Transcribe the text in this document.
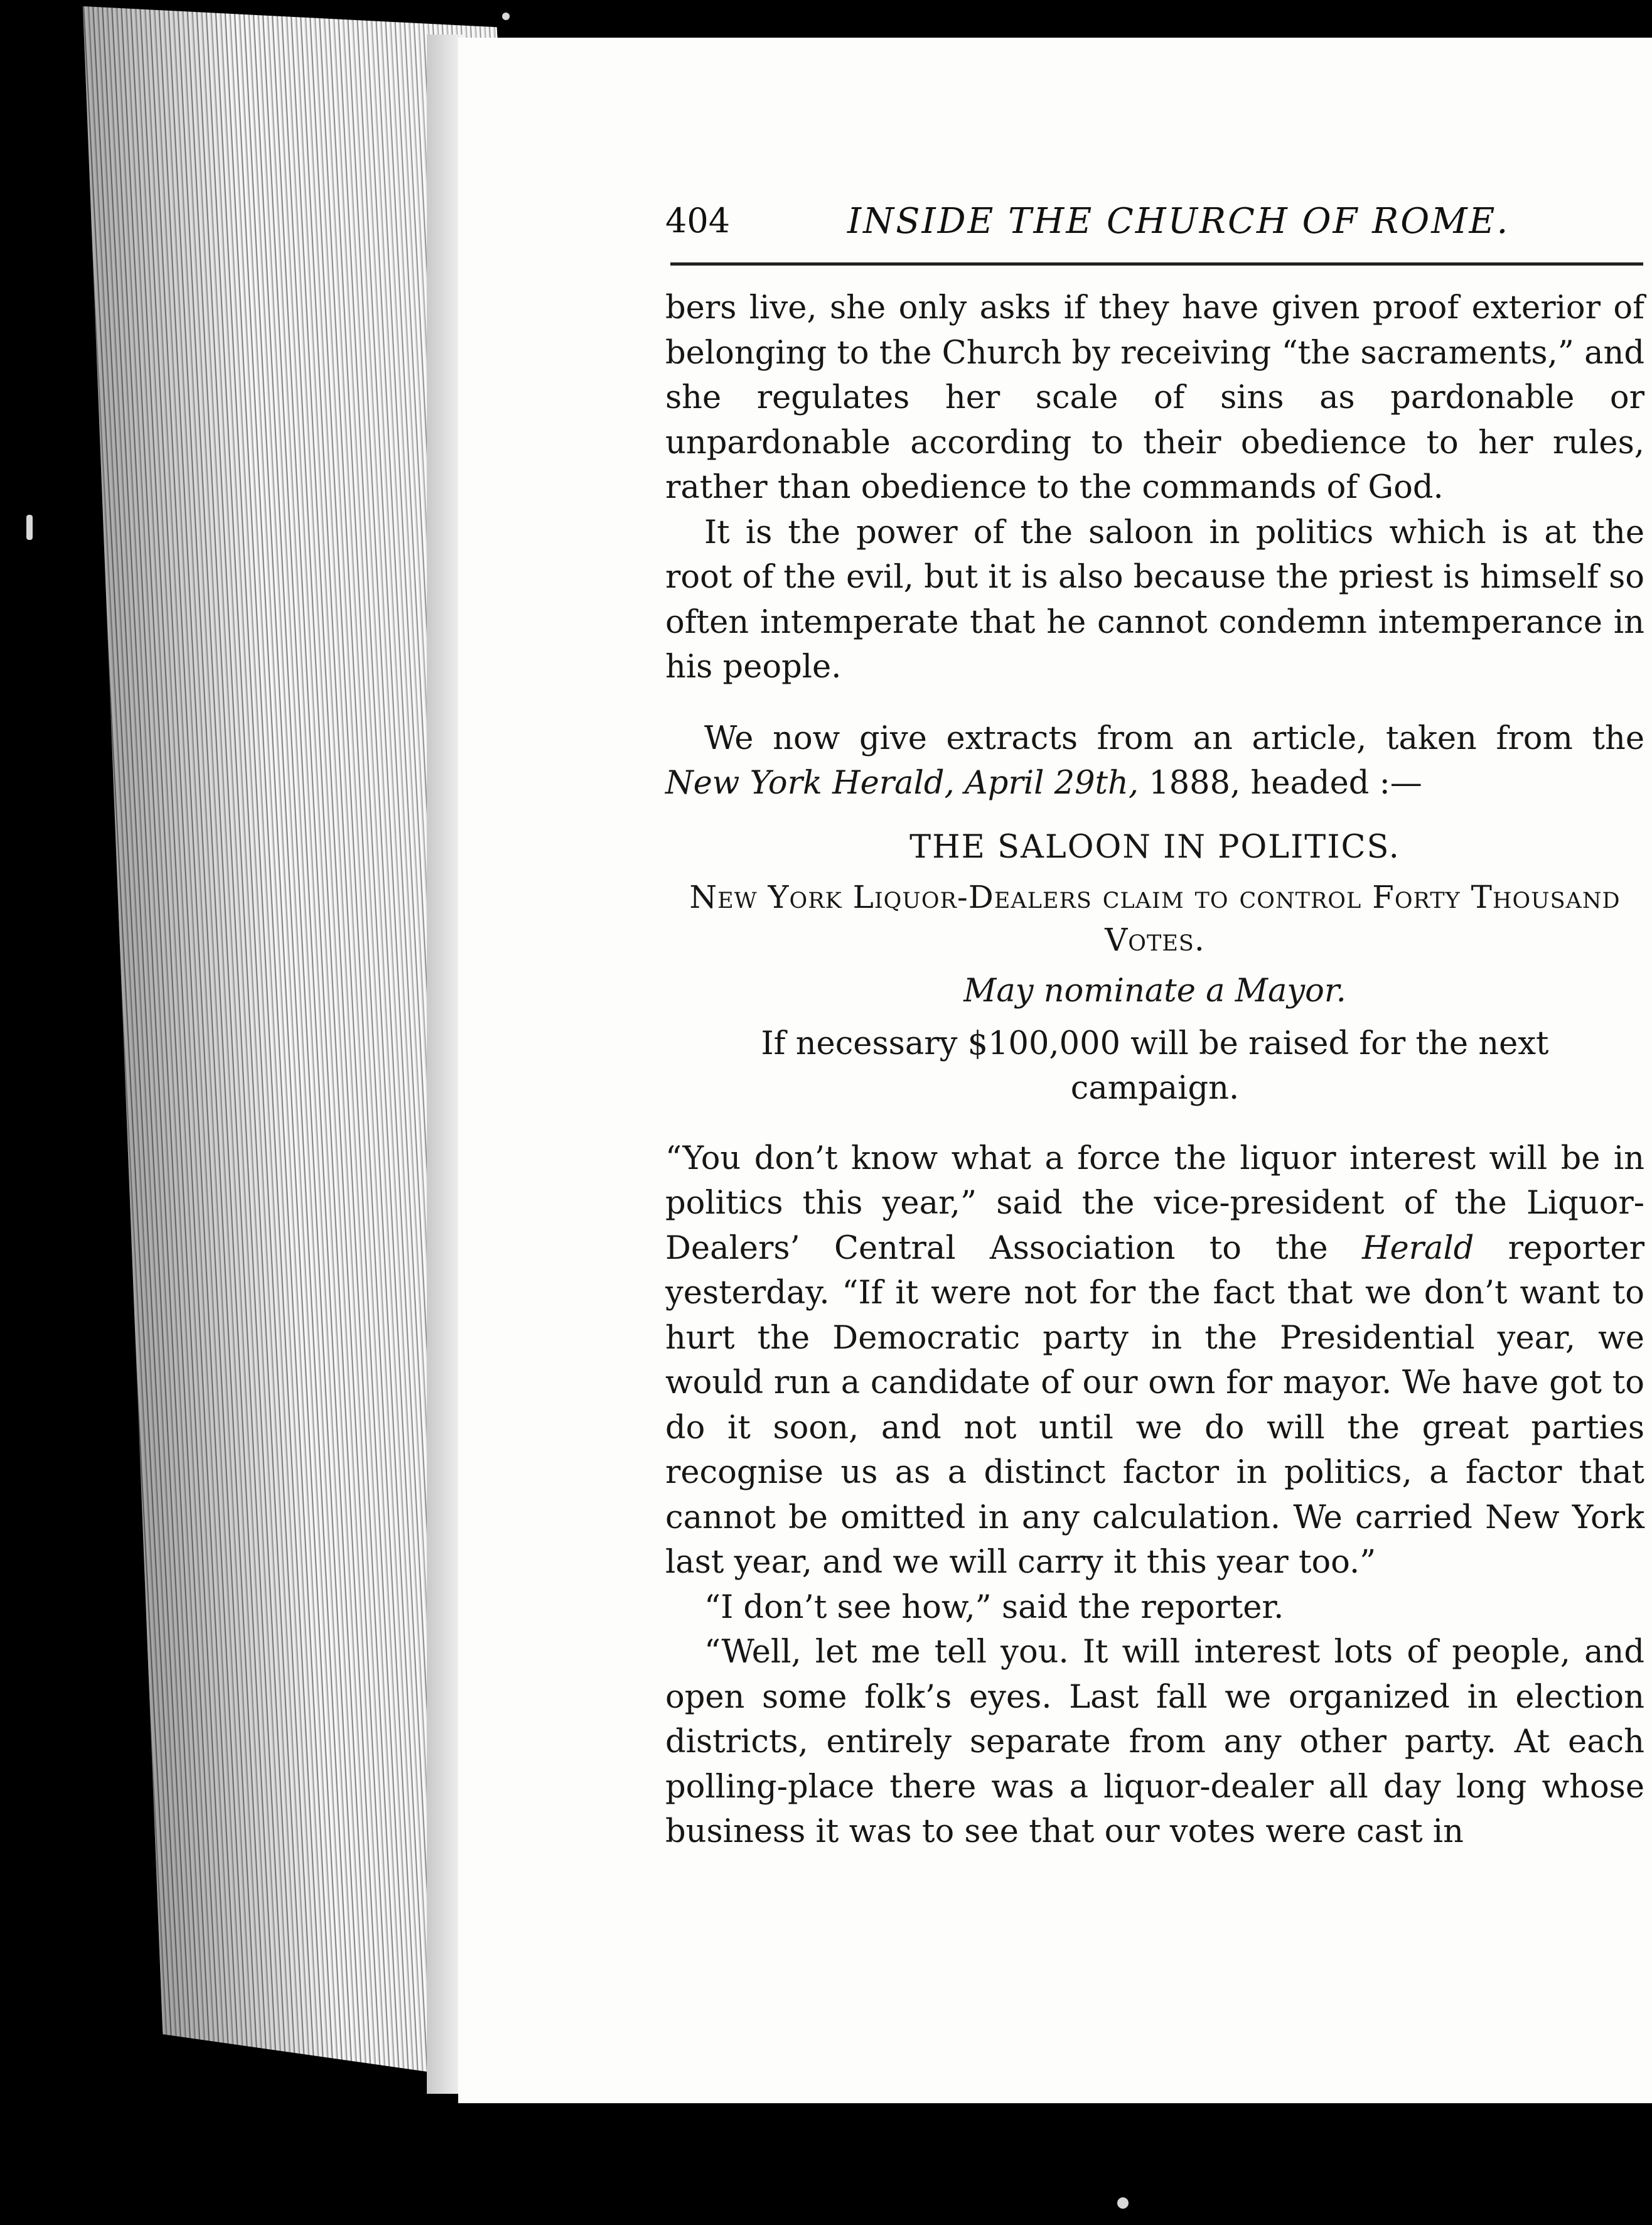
404	INSIDE THE CHURCH OF ROME.

bers live, she only asks if they have given proof exterior of belonging to the Church by receiving “the sacraments,” and she regulates her scale of sins as pardonable or unpardonable according to their obedience to her rules, rather than obedience to the commands of God.

It is the power of the saloon in politics which is at the root of the evil, but it is also because the priest is himself so often intemperate that he cannot condemn intemperance in his people.

We now give extracts from an article, taken from the New York Herald, April 29th, 1888, headed :—

THE SALOON IN POLITICS.

New York Liquor-Dealers claim to control Forty Thousand Votes.

May nominate a Mayor.

If necessary $100,000 will be raised for the next campaign.

“You don’t know what a force the liquor interest will be in politics this year,” said the vice-president of the Liquor-Dealers’ Central Association to the Herald reporter yesterday. “If it were not for the fact that we don’t want to hurt the Democratic party in the Presidential year, we would run a candidate of our own for mayor. We have got to do it soon, and not until we do will the great parties recognise us as a distinct factor in politics, a factor that cannot be omitted in any calculation. We carried New York last year, and we will carry it this year too.”

“I don’t see how,” said the reporter.

“Well, let me tell you. It will interest lots of people, and open some folk’s eyes. Last fall we organized in election districts, entirely separate from any other party. At each polling-place there was a liquor-dealer all day long whose business it was to see that our votes were cast in
